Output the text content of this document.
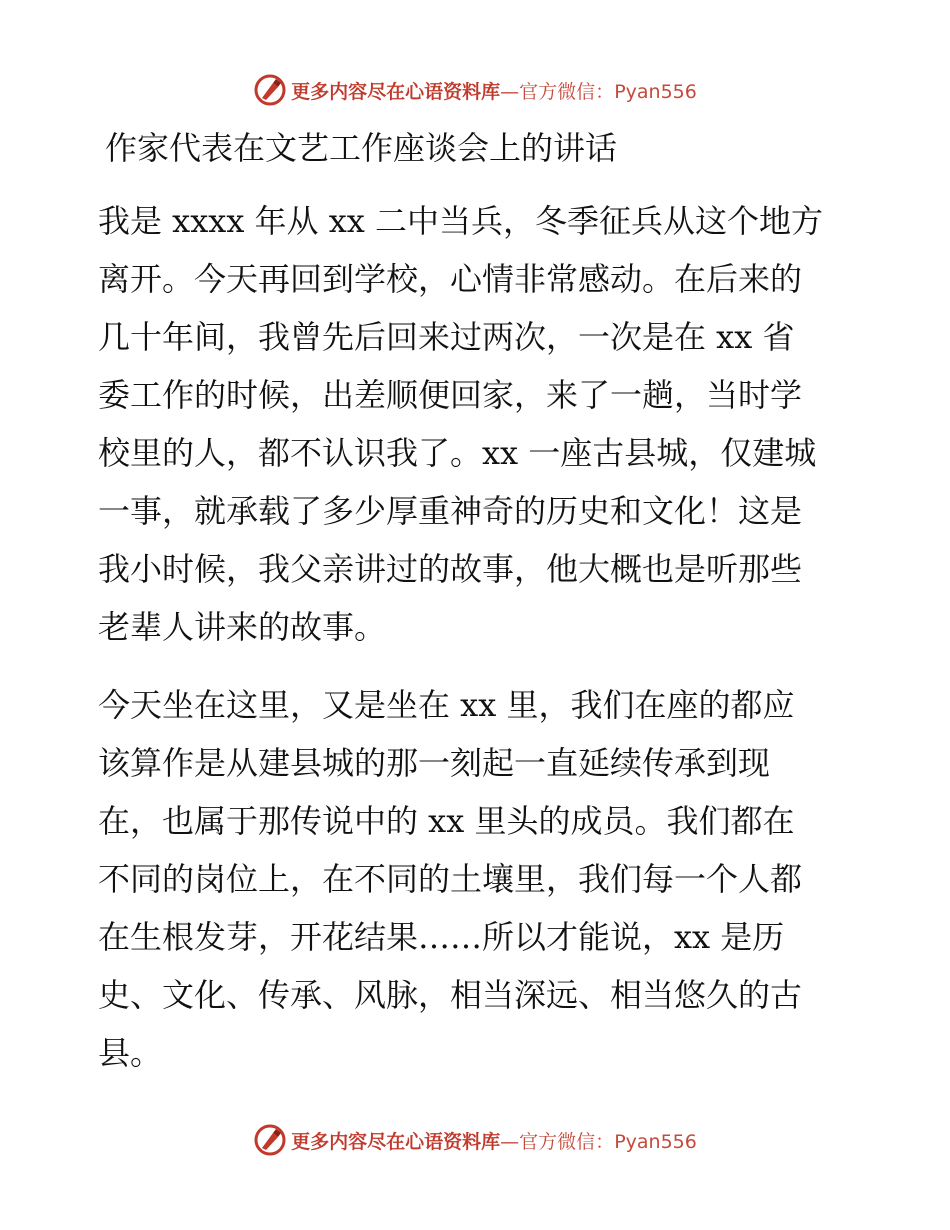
更多内容尽在心语资料库—官方微信：Pyan556
作家代表在文艺工作座谈会上的讲话
我是 xxxx 年从 xx 二中当兵，冬季征兵从这个地方
离开。今天再回到学校，心情非常感动。在后来的
几十年间，我曾先后回来过两次，一次是在 xx 省
委工作的时候，出差顺便回家，来了一趟，当时学
校里的人，都不认识我了。xx 一座古县城，仅建城
一事，就承载了多少厚重神奇的历史和文化！这是
我小时候，我父亲讲过的故事，他大概也是听那些
老辈人讲来的故事。
今天坐在这里，又是坐在 xx 里，我们在座的都应
该算作是从建县城的那一刻起一直延续传承到现
在，也属于那传说中的 xx 里头的成员。我们都在
不同的岗位上，在不同的土壤里，我们每一个人都
在生根发芽，开花结果……所以才能说，xx 是历
史、文化、传承、风脉，相当深远、相当悠久的古
县。
更多内容尽在心语资料库—官方微信：Pyan556
